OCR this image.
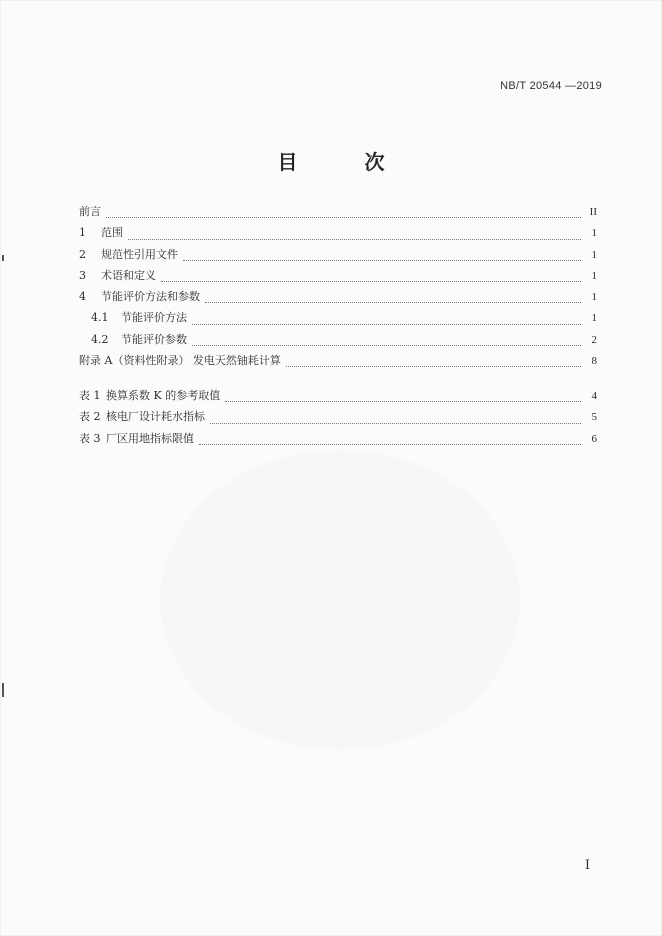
NB/T 20544 —2019
目 次
前言	II
1	范围	1
2	规范性引用文件	1
3	术语和定义	1
4	节能评价方法和参数	1
4.1	节能评价方法	1
4.2	节能评价参数	2
附录 A（资料性附录） 发电天然铀耗计算	8
表 1 换算系数 K 的参考取值	4
表 2 核电厂设计耗水指标	5
表 3 厂区用地指标限值	6
I
